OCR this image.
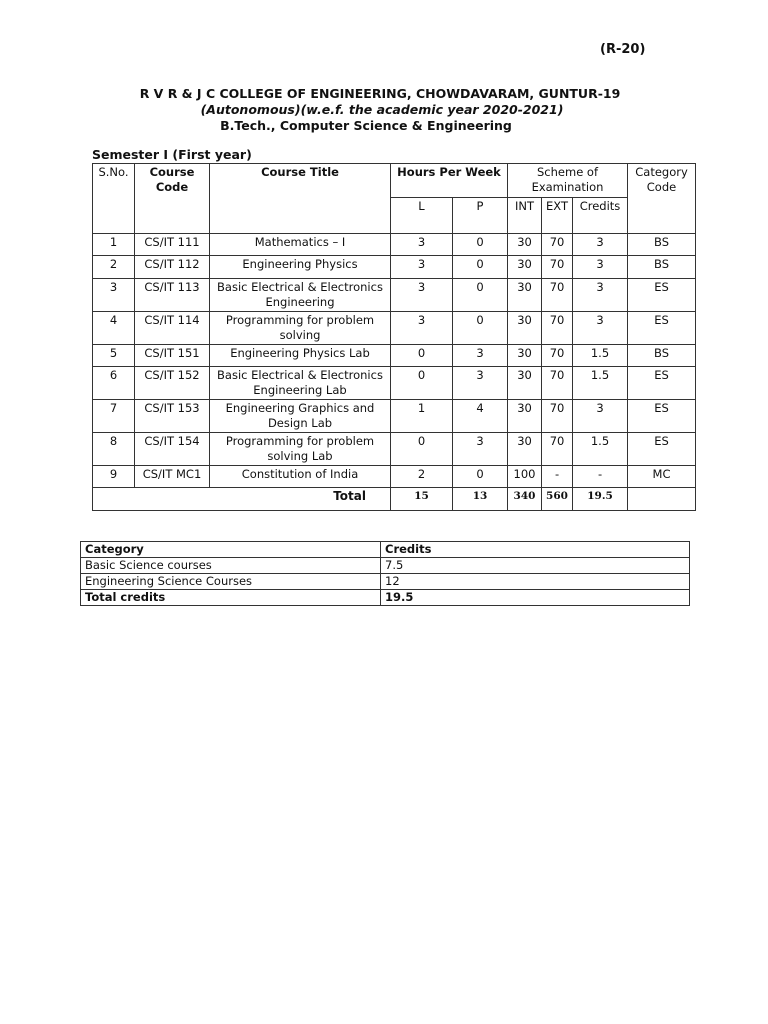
(R-20)
R V R & J C COLLEGE OF ENGINEERING, CHOWDAVARAM, GUNTUR-19
(Autonomous)(w.e.f. the academic year 2020-2021)
B.Tech., Computer Science & Engineering
Semester I (First year)
S.No.	Course Code	Course Title	Hours Per Week		Scheme of Examination			Category Code
			L	P	INT	EXT	Credits	
1	CS/IT 111	Mathematics – I	3	0	30	70	3	BS
2	CS/IT 112	Engineering Physics	3	0	30	70	3	BS
3	CS/IT 113	Basic Electrical & Electronics Engineering	3	0	30	70	3	ES
4	CS/IT 114	Programming for problem solving	3	0	30	70	3	ES
5	CS/IT 151	Engineering Physics Lab	0	3	30	70	1.5	BS
6	CS/IT 152	Basic Electrical & Electronics Engineering Lab	0	3	30	70	1.5	ES
7	CS/IT 153	Engineering Graphics and Design Lab	1	4	30	70	3	ES
8	CS/IT 154	Programming for problem solving Lab	0	3	30	70	1.5	ES
9	CS/IT MC1	Constitution of India	2	0	100	-	-	MC
Total			15	13	340	560	19.5	
Category	Credits
Basic Science courses	7.5
Engineering Science Courses	12
Total credits	19.5
